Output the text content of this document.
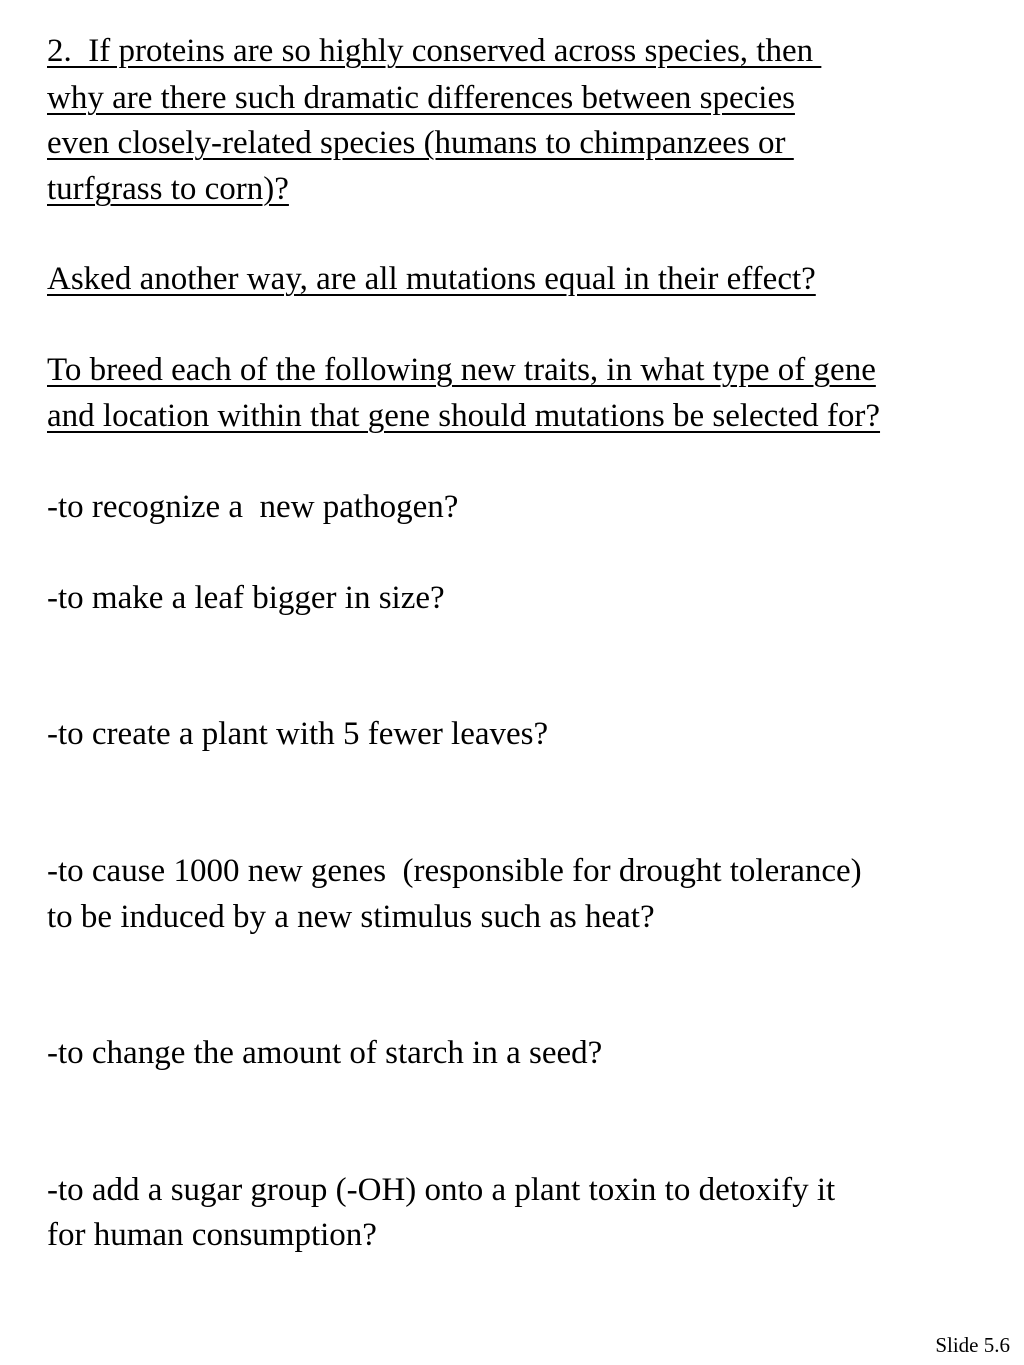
2.  If proteins are so highly conserved across species, then

why are there such dramatic differences between species

even closely-related species (humans to chimpanzees or

turfgrass to corn)?

Asked another way, are all mutations equal in their effect?

To breed each of the following new traits, in what type of gene

and location within that gene should mutations be selected for?

-to recognize a  new pathogen?

-to make a leaf bigger in size?

-to create a plant with 5 fewer leaves?

-to cause 1000 new genes  (responsible for drought tolerance)

to be induced by a new stimulus such as heat?

-to change the amount of starch in a seed?

-to add a sugar group (-OH) onto a plant toxin to detoxify it

for human consumption?

Slide 5.6
